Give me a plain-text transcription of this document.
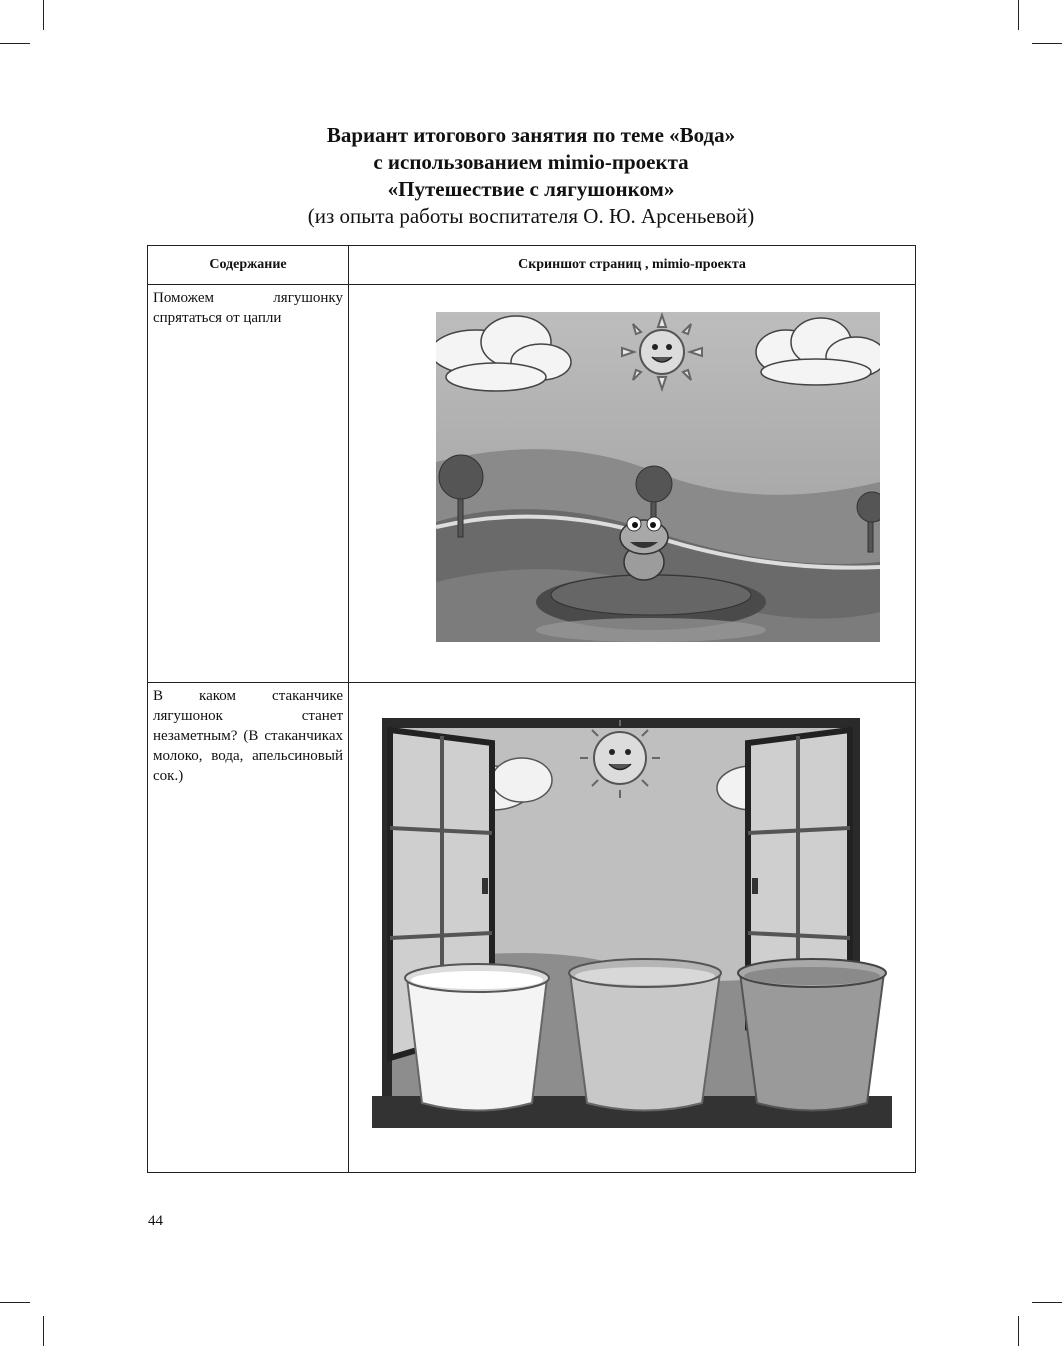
Вариант итогового занятия по теме «Вода»
с использованием mimio-проекта
«Путешествие с лягушонком»
(из опыта работы воспитателя О. Ю. Арсеньевой)
Содержание	Скриншот страниц , mimio-проекта

Поможем лягушонку спрятаться от цапли

В каком стаканчике лягушонок станет незаметным? (В стаканчиках молоко, вода, апельсиновый сок.)

44
